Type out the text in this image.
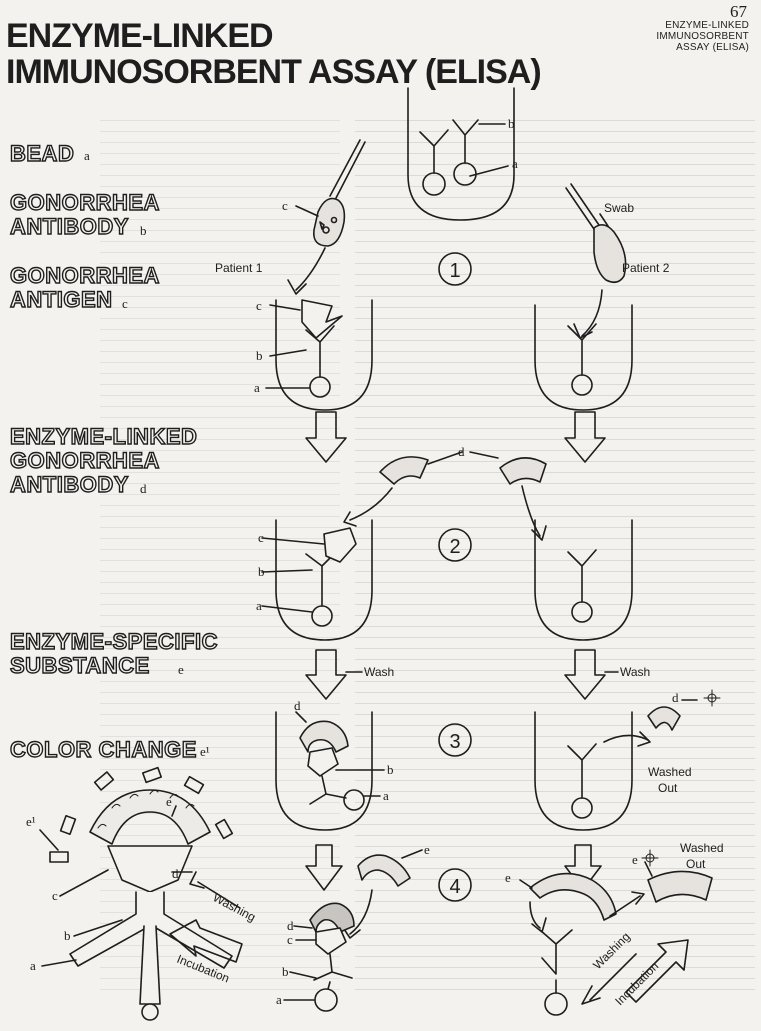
67
ENZYME-LINKED
IMMUNOSORBENT
ASSAY (ELISA)
ENZYME-LINKED
IMMUNOSORBENT ASSAY (ELISA)
BEAD a
GONORRHEA
ANTIBODY b
GONORRHEA
ANTIGEN c
ENZYME-LINKED
GONORRHEA
ANTIBODY d
ENZYME-SPECIFIC
SUBSTANCE e
COLOR CHANGE e¹
b
a
c
Patient 1
Swab
Patient 2
1
c
b
a
d
2
c
b
a
Wash	Wash
3
d
b
a
d
Washed
Out
e
4
d
c
b
a
e
e
Washed
Out
Washing
Incubation
e¹
e
d
c
b
a
Washing
Incubation
